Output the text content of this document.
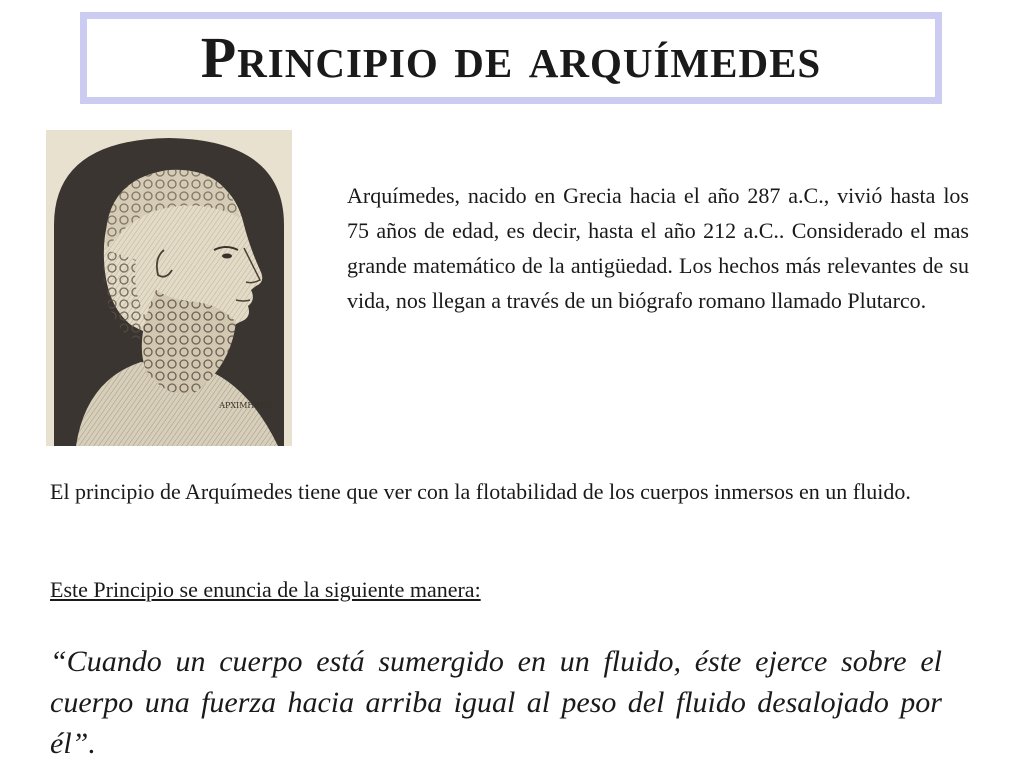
Principio de arquímedes
ΑΡΧΙΜΗΔΗΣ

Arquímedes, nacido en Grecia hacia el año 287 a.C., vivió hasta los 75 años de edad, es decir, hasta el año 212 a.C.. Considerado el mas grande matemático de la antigüedad. Los hechos más relevantes de su vida, nos llegan a través de un biógrafo romano llamado Plutarco.

El principio de Arquímedes tiene que ver con la flotabilidad de los cuerpos inmersos en un fluido.

Este Principio se enuncia de la siguiente manera:

“Cuando un cuerpo está sumergido en un fluido, éste ejerce sobre el cuerpo una fuerza hacia arriba igual al peso del fluido desalojado por él”.
